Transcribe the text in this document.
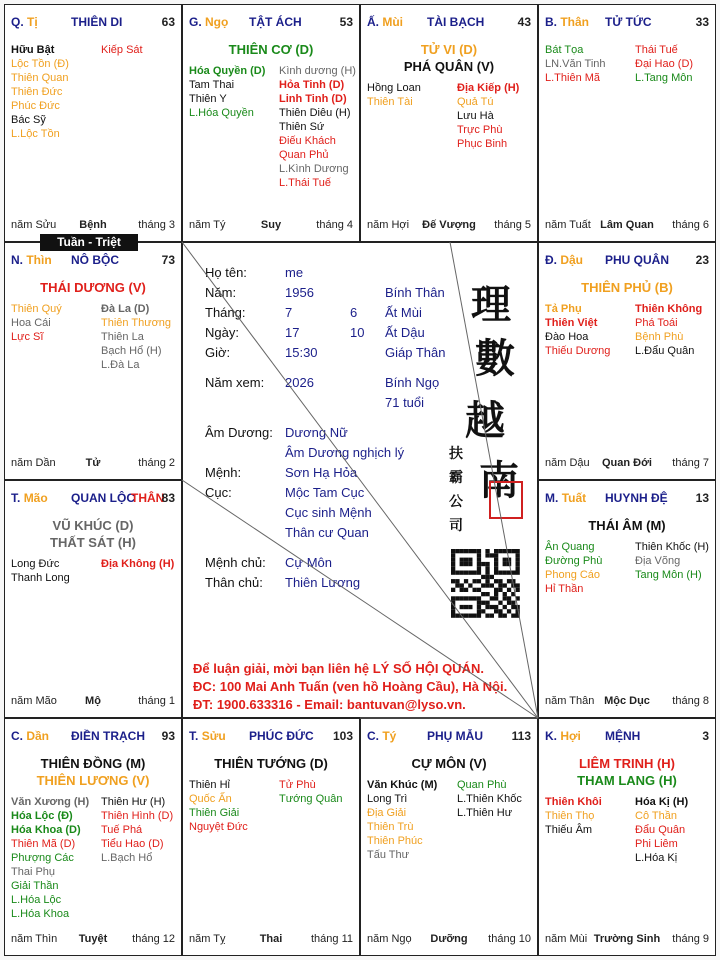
Q. Tị	THIÊN DI	63
Hữu Bật
Lộc Tồn (Đ)
Thiên Quan
Thiên Đức
Phúc Đức
Bác Sỹ
L.Lộc Tồn
Kiếp Sát
năm Sửu	Bệnh	tháng 3
G. Ngọ TẬT ÁCH	53
THIÊN CƠ (D)
Hóa Quyền (D)
Tam Thai
Thiên Y
L.Hóa Quyền
Kình dương (H)
Hỏa Tinh (D)
Linh Tinh (D)
Thiên Diêu (H)
Thiên Sứ
Điếu Khách
Quan Phủ
L.Kình Dương
L.Thái Tuế
năm Tý	Suy	tháng 4
Ấ. Mùi TÀI BẠCH	43
TỬ VI (D)
PHÁ QUÂN (V)
Hồng Loan
Thiên Tài
Địa Kiếp (H)
Quả Tú
Lưu Hà
Trực Phù
Phục Binh
năm Hợi	Đế Vượng	tháng 5
B. Thân TỬ TỨC	33
Bát Tọa
LN.Văn Tinh
L.Thiên Mã
Thái Tuế
Đại Hao (D)
L.Tang Môn
năm Tuất Lâm Quan	tháng 6
N. Thìn NÔ BỘC	73
THÁI DƯƠNG (V)
Thiên Quý
Hoa Cái
Lực Sĩ
Đà La (D)
Thiên Thương
Thiên La
Bạch Hổ (H)
L.Đà La
năm Dần	Tử	tháng 2
Đ. Dậu PHU QUÂN 23
THIÊN PHỦ (B)
Tả Phụ
Thiên Việt
Đào Hoa
Thiếu Dương
Thiên Không
Phá Toái
Bệnh Phù
L.Đẩu Quân
năm Dậu	Quan Đới	tháng 7
T. Mão QUAN LỘC
THÂN
83
VŨ KHÚC (D)
THẤT SÁT (H)
Long Đức
Thanh Long
Địa Không (H)
năm Mão	Mộ	tháng 1
M. Tuất HUYNH ĐỆ 13
THÁI ÂM (M)
Ân Quang
Đường Phù
Phong Cáo
Hỉ Thần
Thiên Khốc (H)
Địa Võng
Tang Môn (H)
năm Thân Mộc Dục	tháng 8
C. Dần ĐIỀN TRẠCH 93
THIÊN ĐỒNG (M)
THIÊN LƯƠNG (V)
Văn Xương (H)
Hóa Lộc (Đ)
Hóa Khoa (D)
Thiên Mã (D)
Phượng Các
Thai Phụ
Giải Thần
L.Hóa Lộc
L.Hóa Khoa
Thiên Hư (H)
Thiên Hình (D)
Tuế Phá
Tiểu Hao (D)
L.Bạch Hổ
năm Thìn	Tuyệt	tháng 12
T. Sửu PHÚC ĐỨC 103
THIÊN TƯỚNG (D)
Thiên Hỉ
Quốc Ấn
Thiên Giải
Nguyệt Đức
Tử Phù
Tướng Quân
năm Tỵ	Thai	tháng 11
C. Tý	PHỤ MẪU 113
CỰ MÔN (V)
Văn Khúc (M)
Long Trì
Địa Giải
Thiên Trù
Thiên Phúc
Tấu Thư
Quan Phù
L.Thiên Khốc
L.Thiên Hư
năm Ngọ	Dưỡng	tháng 10
K. Hợi MỆNH	3
LIÊM TRINH (H)
THAM LANG (H)
Thiên Khôi
Thiên Thọ
Thiếu Âm
Hóa Kị (H)
Cô Thần
Đẩu Quân
Phi Liêm
L.Hóa Kị
năm Mùi Trường Sinh	tháng 9
Tuần - Triệt
Họ tên:	me
Năm:	1956	Bính Thân
Tháng:	7	6 Ất Mùi
Ngày:	17	10 Ất Dậu
Giờ:	15:30	Giáp Thân
Năm xem: 2026	Bính Ngọ
71 tuổi
Âm Dương: Dương Nữ
Âm Dương nghịch lý
Mệnh:	Sơn Hạ Hỏa
Cục:	Mộc Tam Cục
Cục sinh Mệnh
Thân cư Quan
Mệnh chủ: Cự Môn
Thân chủ: Thiên Lương
理
數
越
南
扶
霸
公
司
Để luận giải, mời bạn liên hệ LÝ SỐ HỘI QUÁN.
ĐC: 100 Mai Anh Tuấn (ven hồ Hoàng Cầu), Hà Nội.
ĐT: 1900.633316 - Email: bantuvan@lyso.vn.
